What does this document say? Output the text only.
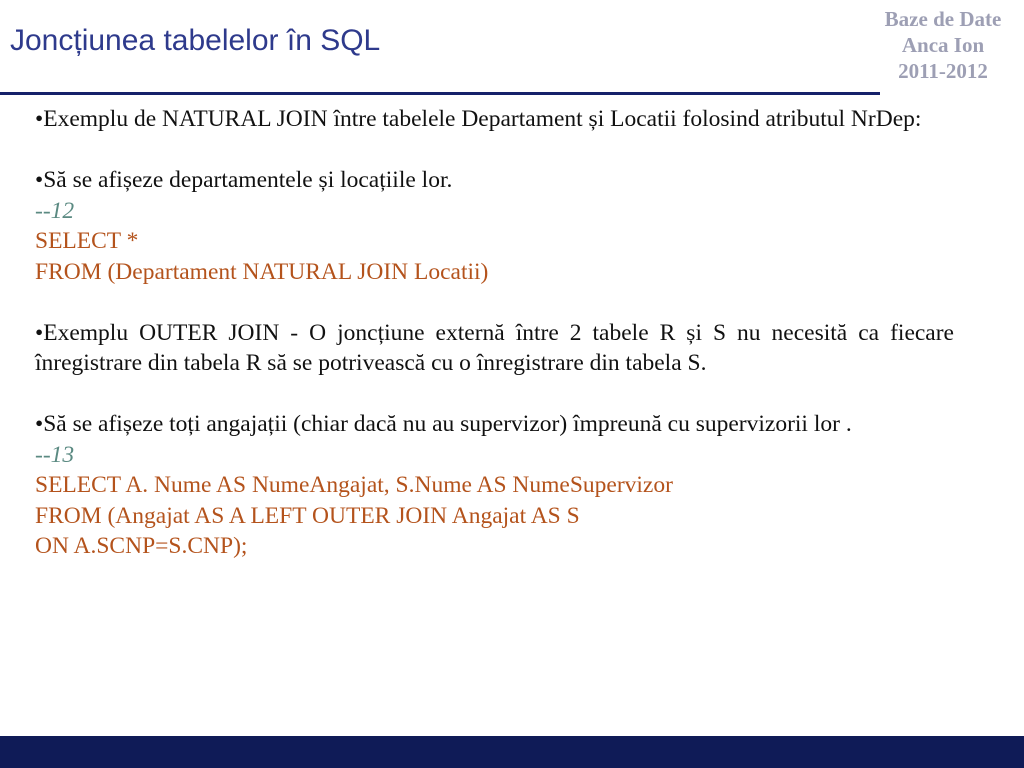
Joncțiunea tabelelor în SQL
Baze de Date
Anca Ion
2011-2012

•Exemplu de NATURAL JOIN între tabelele Departament și Locatii folosind atributul NrDep:

•Să se afișeze departamentele și locațiile lor.

--12

SELECT *

FROM (Departament NATURAL JOIN Locatii)

•Exemplu OUTER JOIN - O joncțiune externă între 2 tabele R și S nu necesită ca fiecare înregistrare din tabela R să se potrivească cu o înregistrare din tabela S.

•Să se afișeze toți angajații (chiar dacă nu au supervizor) împreună cu supervizorii lor .

--13

SELECT A. Nume AS NumeAngajat, S.Nume AS NumeSupervizor

FROM (Angajat AS A LEFT OUTER JOIN Angajat AS S

ON A.SCNP=S.CNP);
